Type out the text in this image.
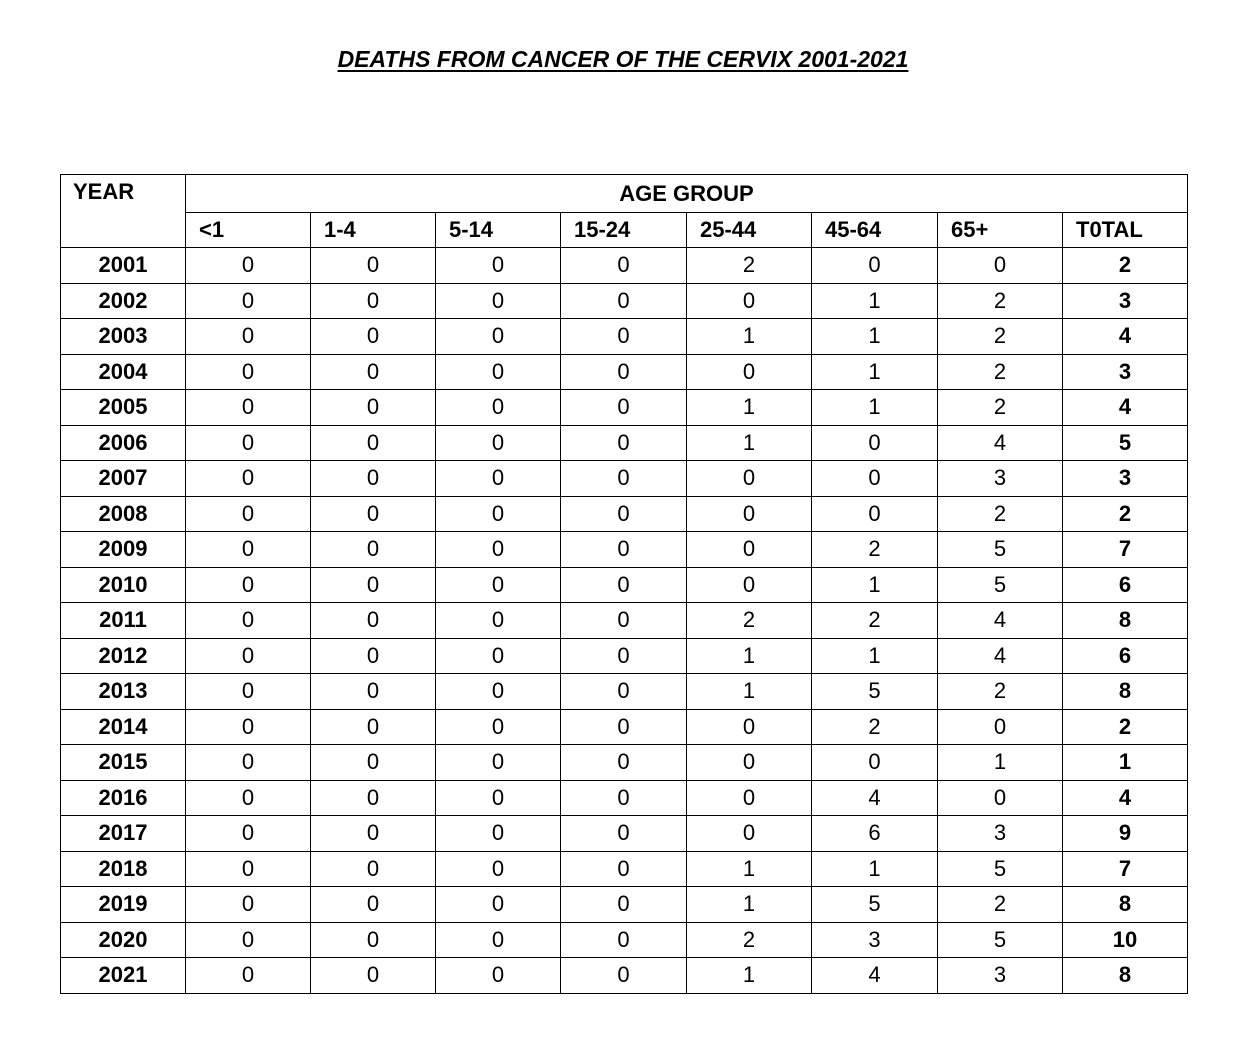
DEATHS FROM CANCER OF THE CERVIX 2001-2021
YEAR	AGE GROUP							
	<1	1-4	5-14	15-24	25-44	45-64	65+	T0TAL
2001	0	0	0	0	2	0	0	2
2002	0	0	0	0	0	1	2	3
2003	0	0	0	0	1	1	2	4
2004	0	0	0	0	0	1	2	3
2005	0	0	0	0	1	1	2	4
2006	0	0	0	0	1	0	4	5
2007	0	0	0	0	0	0	3	3
2008	0	0	0	0	0	0	2	2
2009	0	0	0	0	0	2	5	7
2010	0	0	0	0	0	1	5	6
2011	0	0	0	0	2	2	4	8
2012	0	0	0	0	1	1	4	6
2013	0	0	0	0	1	5	2	8
2014	0	0	0	0	0	2	0	2
2015	0	0	0	0	0	0	1	1
2016	0	0	0	0	0	4	0	4
2017	0	0	0	0	0	6	3	9
2018	0	0	0	0	1	1	5	7
2019	0	0	0	0	1	5	2	8
2020	0	0	0	0	2	3	5	10
2021	0	0	0	0	1	4	3	8
